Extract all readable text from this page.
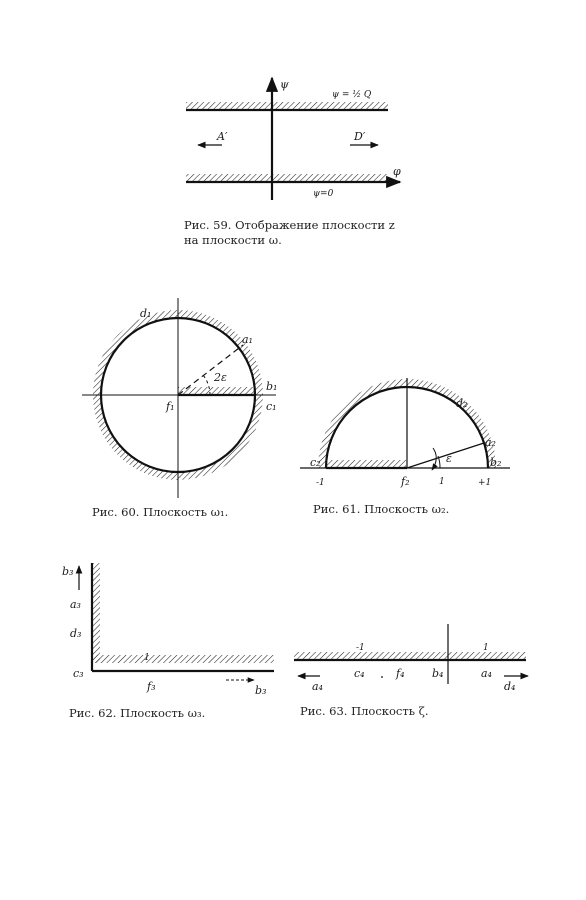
ψ
φ
ψ = ½ Q
ψ=0
A′	D′
d₁
a₁
2ε
b₁
f₁	c₁	d₂
a₂
ε	b₂
c₂
f₂	1
-1	+1
b₃
a₃
d₃
c₃
1
f₃	b₃
-1	1
a₄
c₄	f₄	b₄	a₄
d₄
Рис. 59. Отображение плоскости z
на плоскости ω.
Рис. 60. Плоскость ω₁.	Рис. 61. Плоскость ω₂.
Рис. 62. Плоскость ω₃.	Рис. 63. Плоскость ζ.
